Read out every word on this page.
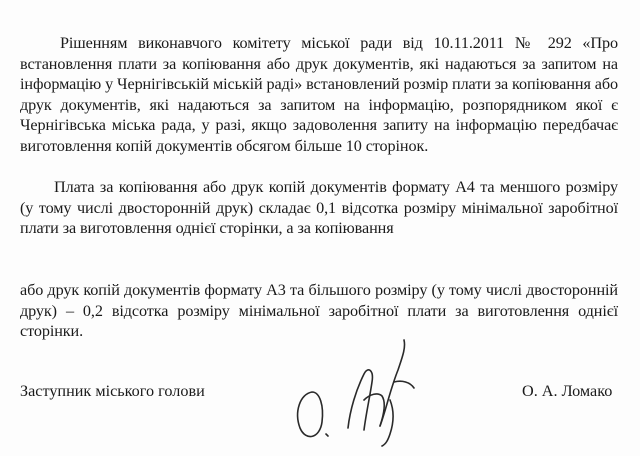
Рішенням виконавчого комітету міської ради від 10.11.2011 № 292 «Про встановлення плати за копіювання або друк документів, які надаються за запитом на інформацію у Чернігівській міській раді» встановлений розмір плати за копіювання або друк документів, які надаються за запитом на інформацію, розпорядником якої є Чернігівська міська рада, у разі, якщо задоволення запиту на інформацію передбачає виготовлення копій документів обсягом більше 10 сторінок.

Плата за копіювання або друк копій документів формату А4 та меншого розміру (у тому числі двосторонній друк) складає 0,1 відсотка розміру мінімальної заробітної плати за виготовлення однієї сторінки, а за копіювання

або друк копій документів формату А3 та більшого розміру (у тому числі двосторонній друк) – 0,2 відсотка розміру мінімальної заробітної плати за виготовлення однієї сторінки.

Заступник міського голови	О. А. Ломако
